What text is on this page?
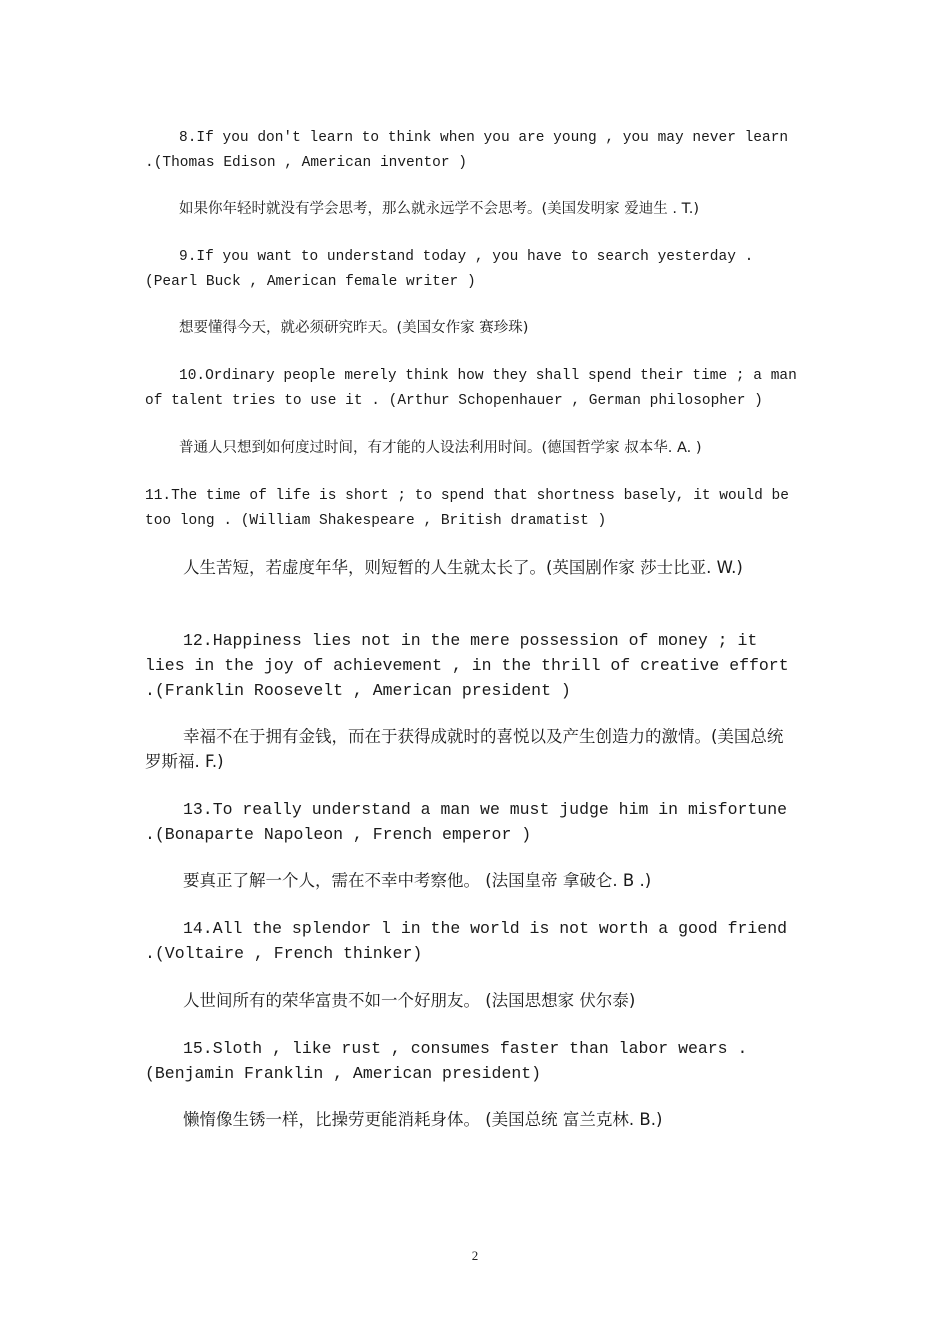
8.If you don′t learn to think when you are young , you may never learn .(Thomas Edison , American inventor )

如果你年轻时就没有学会思考，那么就永远学不会思考。(美国发明家 爱迪生 . T.)

9.If you want to understand today , you have to search yesterday .(Pearl Buck , American female writer )

想要懂得今天，就必须研究昨天。(美国女作家 赛珍珠)

10.Ordinary people merely think how they shall spend their time ; a man of talent tries to use it . (Arthur Schopenhauer , German philosopher )

普通人只想到如何度过时间，有才能的人设法利用时间。(德国哲学家 叔本华. A. )

11.The time of life is short ; to spend that shortness basely, it would be too long . (William Shakespeare , British dramatist )

人生苦短，若虚度年华，则短暂的人生就太长了。(英国剧作家 莎士比亚. W.)

12.Happiness lies not in the mere possession of money ; it lies in the joy of achievement , in the thrill of creative effort .(Franklin Roosevelt , American president )

幸福不在于拥有金钱，而在于获得成就时的喜悦以及产生创造力的激情。(美国总统 罗斯福. F.)

13.To really understand a man we must judge him in misfortune .(Bonaparte Napoleon , French emperor )

要真正了解一个人，需在不幸中考察他。 (法国皇帝 拿破仑. B .)

14.All the splendor l in the world is not worth a good friend .(Voltaire , French thinker)

人世间所有的荣华富贵不如一个好朋友。 (法国思想家 伏尔泰)

15.Sloth , like rust , consumes faster than labor wears .(Benjamin Franklin , American president)

懒惰像生锈一样，比操劳更能消耗身体。 (美国总统 富兰克林. B.)

2
